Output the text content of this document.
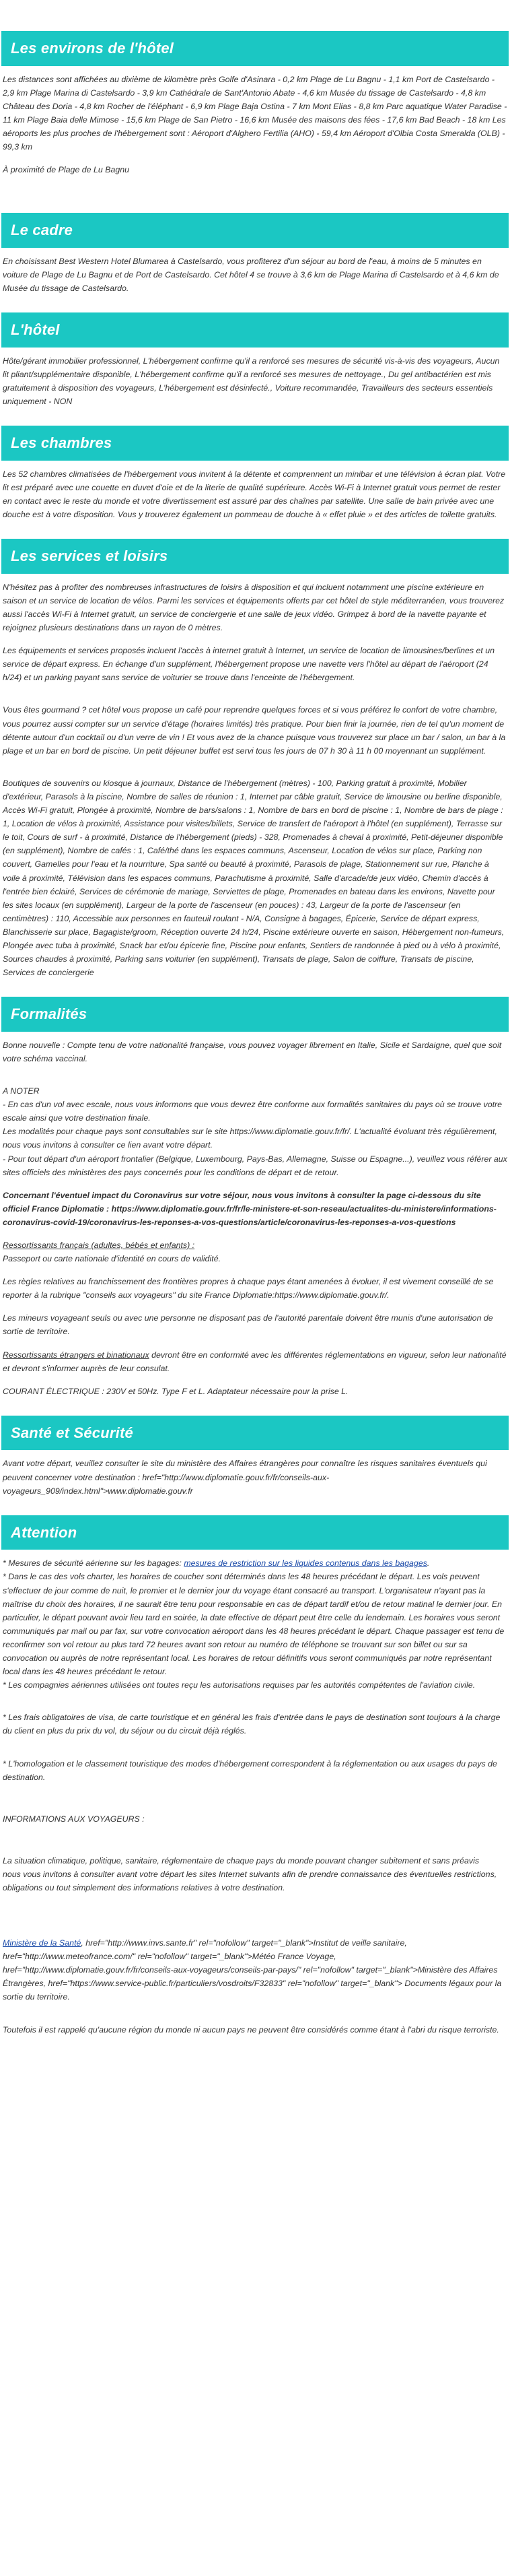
Les environs de l'hôtel

Les distances sont affichées au dixième de kilomètre près Golfe d'Asinara - 0,2 km Plage de Lu Bagnu - 1,1 km Port de Castelsardo - 2,9 km Plage Marina di Castelsardo - 3,9 km Cathédrale de Sant'Antonio Abate - 4,6 km Musée du tissage de Castelsardo - 4,8 km Château des Doria - 4,8 km Rocher de l'éléphant - 6,9 km Plage Baja Ostina - 7 km Mont Elias - 8,8 km Parc aquatique Water Paradise - 11 km Plage Baia delle Mimose - 15,6 km Plage de San Pietro - 16,6 km Musée des maisons des fées - 17,6 km Bad Beach - 18 km Les aéroports les plus proches de l'hébergement sont : Aéroport d'Alghero Fertilia (AHO) - 59,4 km Aéroport d'Olbia Costa Smeralda (OLB) - 99,3 km

À proximité de Plage de Lu Bagnu

Le cadre

En choisissant Best Western Hotel Blumarea à Castelsardo, vous profiterez d'un séjour au bord de l'eau, à moins de 5 minutes en voiture de Plage de Lu Bagnu et de Port de Castelsardo. Cet hôtel 4 se trouve à 3,6 km de Plage Marina di Castelsardo et à 4,6 km de Musée du tissage de Castelsardo.

L'hôtel

Hôte/gérant immobilier professionnel, L'hébergement confirme qu'il a renforcé ses mesures de sécurité vis-à-vis des voyageurs, Aucun lit pliant/supplémentaire disponible, L'hébergement confirme qu'il a renforcé ses mesures de nettoyage., Du gel antibactérien est mis gratuitement à disposition des voyageurs, L'hébergement est désinfecté., Voiture recommandée, Travailleurs des secteurs essentiels uniquement - NON

Les chambres

Les 52 chambres climatisées de l'hébergement vous invitent à la détente et comprennent un minibar et une télévision à écran plat. Votre lit est préparé avec une couette en duvet d'oie et de la literie de qualité supérieure. Accès Wi-Fi à Internet gratuit vous permet de rester en contact avec le reste du monde et votre divertissement est assuré par des chaînes par satellite. Une salle de bain privée avec une douche est à votre disposition. Vous y trouverez également un pommeau de douche à « effet pluie » et des articles de toilette gratuits.

Les services et loisirs

N'hésitez pas à profiter des nombreuses infrastructures de loisirs à disposition et qui incluent notamment une piscine extérieure en saison et un service de location de vélos. Parmi les services et équipements offerts par cet hôtel de style méditerranéen, vous trouverez aussi l'accès Wi-Fi à Internet gratuit, un service de conciergerie et une salle de jeux vidéo. Grimpez à bord de la navette payante et rejoignez plusieurs destinations dans un rayon de 0 mètres.

Les équipements et services proposés incluent l'accès à internet gratuit à Internet, un service de location de limousines/berlines et un service de départ express. En échange d'un supplément, l'hébergement propose une navette vers l'hôtel au départ de l'aéroport (24 h/24) et un parking payant sans service de voiturier se trouve dans l'enceinte de l'hébergement.

Vous êtes gourmand ? cet hôtel vous propose un café pour reprendre quelques forces et si vous préférez le confort de votre chambre, vous pourrez aussi compter sur un service d'étage (horaires limités) très pratique. Pour bien finir la journée, rien de tel qu'un moment de détente autour d'un cocktail ou d'un verre de vin ! Et vous avez de la chance puisque vous trouverez sur place un bar / salon, un bar à la plage et un bar en bord de piscine. Un petit déjeuner buffet est servi tous les jours de 07 h 30 à 11 h 00 moyennant un supplément.

Boutiques de souvenirs ou kiosque à journaux, Distance de l'hébergement (mètres) - 100, Parking gratuit à proximité, Mobilier d'extérieur, Parasols à la piscine, Nombre de salles de réunion : 1, Internet par câble gratuit, Service de limousine ou berline disponible, Accès Wi-Fi gratuit, Plongée à proximité, Nombre de bars/salons : 1, Nombre de bars en bord de piscine : 1, Nombre de bars de plage : 1, Location de vélos à proximité, Assistance pour visites/billets, Service de transfert de l'aéroport à l'hôtel (en supplément), Terrasse sur le toit, Cours de surf - à proximité, Distance de l'hébergement (pieds) - 328, Promenades à cheval à proximité, Petit-déjeuner disponible (en supplément), Nombre de cafés : 1, Café/thé dans les espaces communs, Ascenseur, Location de vélos sur place, Parking non couvert, Gamelles pour l'eau et la nourriture, Spa santé ou beauté à proximité, Parasols de plage, Stationnement sur rue, Planche à voile à proximité, Télévision dans les espaces communs, Parachutisme à proximité, Salle d'arcade/de jeux vidéo, Chemin d'accès à l'entrée bien éclairé, Services de cérémonie de mariage, Serviettes de plage, Promenades en bateau dans les environs, Navette pour les sites locaux (en supplément), Largeur de la porte de l'ascenseur (en pouces) : 43, Largeur de la porte de l'ascenseur (en centimètres) : 110, Accessible aux personnes en fauteuil roulant - N/A, Consigne à bagages, Épicerie, Service de départ express, Blanchisserie sur place, Bagagiste/groom, Réception ouverte 24 h/24, Piscine extérieure ouverte en saison, Hébergement non-fumeurs, Plongée avec tuba à proximité, Snack bar et/ou épicerie fine, Piscine pour enfants, Sentiers de randonnée à pied ou à vélo à proximité, Sources chaudes à proximité, Parking sans voiturier (en supplément), Transats de plage, Salon de coiffure, Transats de piscine, Services de conciergerie

Formalités

Bonne nouvelle : Compte tenu de votre nationalité française, vous pouvez voyager librement en Italie, Sicile et Sardaigne, quel que soit votre schéma vaccinal.

A NOTER

- En cas d'un vol avec escale, nous vous informons que vous devrez être conforme aux formalités sanitaires du pays où se trouve votre escale ainsi que votre destination finale.

Les modalités pour chaque pays sont consultables sur le site https://www.diplomatie.gouv.fr/fr/. L'actualité évoluant très régulièrement, nous vous invitons à consulter ce lien avant votre départ.

- Pour tout départ d'un aéroport frontalier (Belgique, Luxembourg, Pays-Bas, Allemagne, Suisse ou Espagne...), veuillez vous référer aux sites officiels des ministères des pays concernés pour les conditions de départ et de retour.

Concernant l'éventuel impact du Coronavirus sur votre séjour, nous vous invitons à consulter la page ci-dessous du site officiel France Diplomatie : https://www.diplomatie.gouv.fr/fr/le-ministere-et-son-reseau/actualites-du-ministere/informations-coronavirus-covid-19/coronavirus-les-reponses-a-vos-questions/article/coronavirus-les-reponses-a-vos-questions

Ressortissants français (adultes, bébés et enfants) :

Passeport ou carte nationale d'identité en cours de validité.

Les règles relatives au franchissement des frontières propres à chaque pays étant amenées à évoluer, il est vivement conseillé de se reporter à la rubrique "conseils aux voyageurs" du site France Diplomatie:https://www.diplomatie.gouv.fr/.

Les mineurs voyageant seuls ou avec une personne ne disposant pas de l'autorité parentale doivent être munis d'une autorisation de sortie de territoire.

Ressortissants étrangers et binationaux devront être en conformité avec les différentes réglementations en vigueur, selon leur nationalité et devront s'informer auprès de leur consulat.

COURANT ÉLECTRIQUE : 230V et 50Hz. Type F et L. Adaptateur nécessaire pour la prise L.

Santé et Sécurité

Avant votre départ, veuillez consulter le site du ministère des Affaires étrangères pour connaître les risques sanitaires éventuels qui peuvent concerner votre destination : href="http://www.diplomatie.gouv.fr/fr/conseils-aux-voyageurs_909/index.html">www.diplomatie.gouv.fr

Attention

* Mesures de sécurité aérienne sur les bagages: mesures de restriction sur les liquides contenus dans les bagages.

* Dans le cas des vols charter, les horaires de coucher sont déterminés dans les 48 heures précédant le départ. Les vols peuvent s'effectuer de jour comme de nuit, le premier et le dernier jour du voyage étant consacré au transport. L'organisateur n'ayant pas la maîtrise du choix des horaires, il ne saurait être tenu pour responsable en cas de départ tardif et/ou de retour matinal le dernier jour. En particulier, le départ pouvant avoir lieu tard en soirée, la date effective de départ peut être celle du lendemain. Les horaires vous seront communiqués par mail ou par fax, sur votre convocation aéroport dans les 48 heures précédant le départ. Chaque passager est tenu de reconfirmer son vol retour au plus tard 72 heures avant son retour au numéro de téléphone se trouvant sur son billet ou sur sa convocation ou auprès de notre représentant local. Les horaires de retour définitifs vous seront communiqués par notre représentant local dans les 48 heures précédant le retour.

* Les compagnies aériennes utilisées ont toutes reçu les autorisations requises par les autorités compétentes de l'aviation civile.

* Les frais obligatoires de visa, de carte touristique et en général les frais d'entrée dans le pays de destination sont toujours à la charge du client en plus du prix du vol, du séjour ou du circuit déjà réglés.

* L'homologation et le classement touristique des modes d'hébergement correspondent à la réglementation ou aux usages du pays de destination.

INFORMATIONS AUX VOYAGEURS :

La situation climatique, politique, sanitaire, réglementaire de chaque pays du monde pouvant changer subitement et sans préavis

nous vous invitons à consulter avant votre départ les sites Internet suivants afin de prendre connaissance des éventuelles restrictions, obligations ou tout simplement des informations relatives à votre destination.

Ministère de la Santé, href="http://www.invs.sante.fr" rel="nofollow" target="_blank">Institut de veille sanitaire, href="http://www.meteofrance.com/" rel="nofollow" target="_blank">Météo France Voyage, href="http://www.diplomatie.gouv.fr/fr/conseils-aux-voyageurs/conseils-par-pays/" rel="nofollow" target="_blank">Ministère des Affaires Étrangères, href="https://www.service-public.fr/particuliers/vosdroits/F32833" rel="nofollow" target="_blank"> Documents légaux pour la sortie du territoire.

Toutefois il est rappelé qu'aucune région du monde ni aucun pays ne peuvent être considérés comme étant à l'abri du risque terroriste.
